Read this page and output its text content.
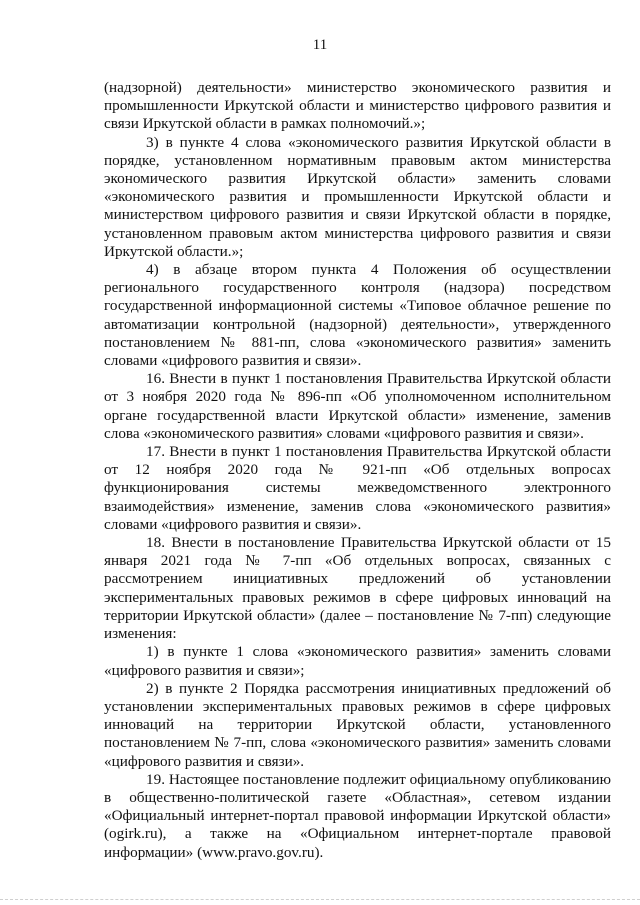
11

(надзорной) деятельности» министерство экономического развития и промышленности Иркутской области и министерство цифрового развития и связи Иркутской области в рамках полномочий.»;

3) в пункте 4 слова «экономического развития Иркутской области в порядке, установленном нормативным правовым актом министерства экономического развития Иркутской области» заменить словами «экономического развития и промышленности Иркутской области и министерством цифрового развития и связи Иркутской области в порядке, установленном правовым актом министерства цифрового развития и связи Иркутской области.»;

4) в абзаце втором пункта 4 Положения об осуществлении регионального государственного контроля (надзора) посредством государственной информационной системы «Типовое облачное решение по автоматизации контрольной (надзорной) деятельности», утвержденного постановлением № 881-пп, слова «экономического развития» заменить словами «цифрового развития и связи».

16. Внести в пункт 1 постановления Правительства Иркутской области от 3 ноября 2020 года № 896-пп «Об уполномоченном исполнительном органе государственной власти Иркутской области» изменение, заменив слова «экономического развития» словами «цифрового развития и связи».

17. Внести в пункт 1 постановления Правительства Иркутской области от 12 ноября 2020 года № 921-пп «Об отдельных вопросах функционирования системы межведомственного электронного взаимодействия» изменение, заменив слова «экономического развития» словами «цифрового развития и связи».

18. Внести в постановление Правительства Иркутской области от 15 января 2021 года № 7-пп «Об отдельных вопросах, связанных с рассмотрением инициативных предложений об установлении экспериментальных правовых режимов в сфере цифровых инноваций на территории Иркутской области» (далее – постановление № 7-пп) следующие изменения:

1) в пункте 1 слова «экономического развития» заменить словами «цифрового развития и связи»;

2) в пункте 2 Порядка рассмотрения инициативных предложений об установлении экспериментальных правовых режимов в сфере цифровых инноваций на территории Иркутской области, установленного постановлением № 7-пп, слова «экономического развития» заменить словами «цифрового развития и связи».

19. Настоящее постановление подлежит официальному опубликованию в общественно-политической газете «Областная», сетевом издании «Официальный интернет-портал правовой информации Иркутской области» (ogirk.ru), а также на «Официальном интернет-портале правовой информации» (www.pravo.gov.ru).
